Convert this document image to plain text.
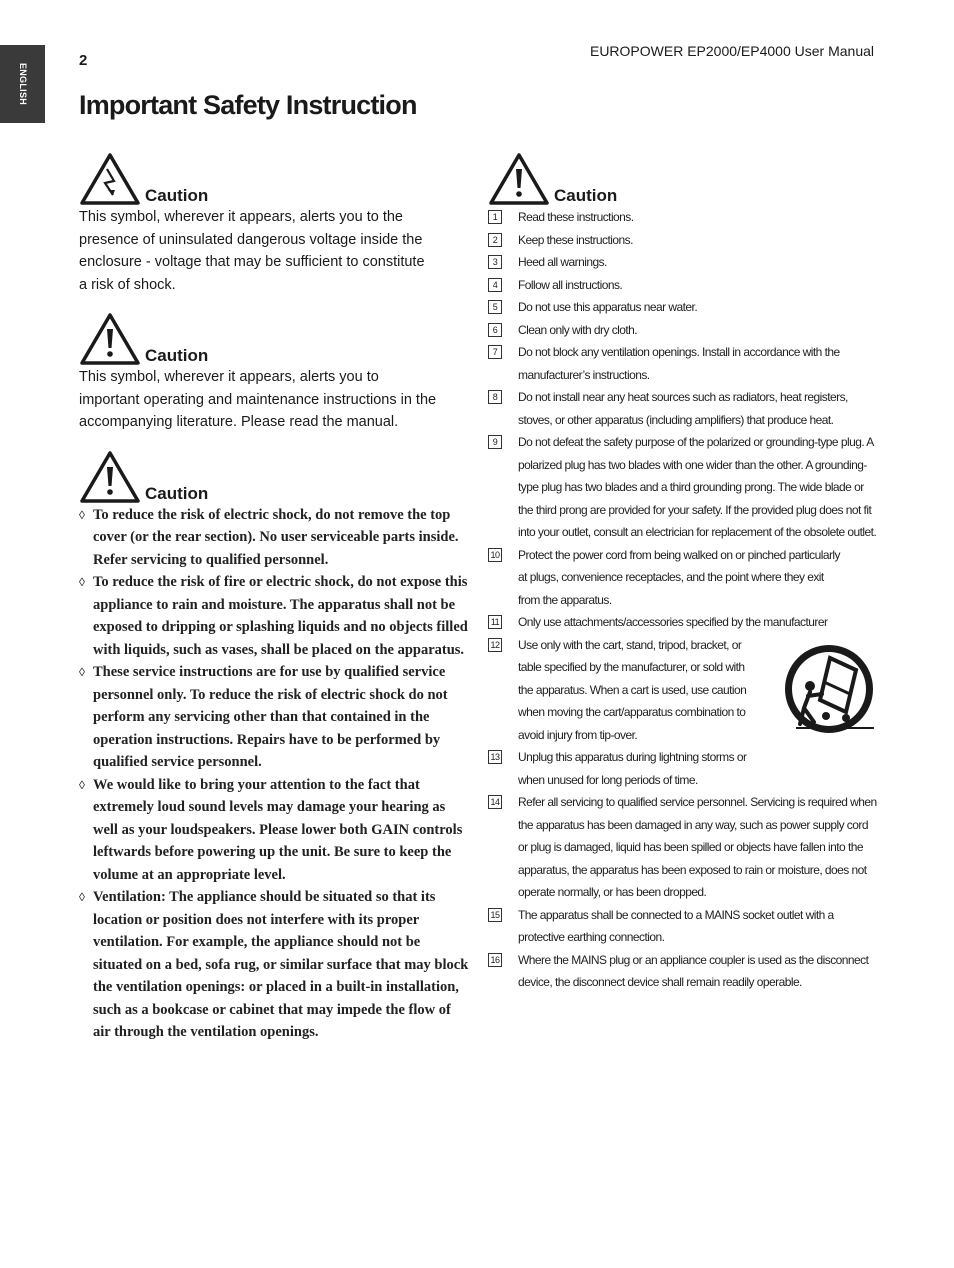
ENGLISH
2
EUROPOWER EP2000/EP4000 User Manual
Important Safety Instruction
Caution

This symbol, wherever it appears, alerts you to the
presence of uninsulated dangerous voltage inside the
enclosure - voltage that may be sufficient to constitute
a risk of shock.

Caution

This symbol, wherever it appears, alerts you to
important operating and maintenance instructions in the
accompanying literature. Please read the manual.

Caution
◊ To reduce the risk of electric shock, do not remove the top cover (or the rear section). No user serviceable parts inside. Refer servicing to qualified personnel.
◊ To reduce the risk of fire or electric shock, do not expose this appliance to rain and moisture. The apparatus shall not be exposed to dripping or splashing liquids and no objects filled with liquids, such as vases, shall be placed on the apparatus.
◊ These service instructions are for use by qualified service personnel only. To reduce the risk of electric shock do not perform any servicing other than that contained in the operation instructions. Repairs have to be performed by qualified service personnel.
◊ We would like to bring your attention to the fact that extremely loud sound levels may damage your hearing as well as your loudspeakers. Please lower both GAIN controls leftwards before powering up the unit. Be sure to keep the volume at an appropriate level.
◊ Ventilation: The appliance should be situated so that its location or position does not interfere with its proper ventilation. For example, the appliance should not be situated on a bed, sofa rug, or similar surface that may block the ventilation openings: or placed in a built-in installation, such as a bookcase or cabinet that may impede the flow of air through the ventilation openings.
Caution
1	Read these instructions.
2	Keep these instructions.
3	Heed all warnings.
4	Follow all instructions.
5	Do not use this apparatus near water.
6	Clean only with dry cloth.
7	Do not block any ventilation openings. Install in accordance with the manufacturer’s instructions.
8	Do not install near any heat sources such as radiators, heat registers, stoves, or other apparatus (including amplifiers) that produce heat.
9	Do not defeat the safety purpose of the polarized or grounding-type plug. A polarized plug has two blades with one wider than the other. A grounding-type plug has two blades and a third grounding prong. The wide blade or the third prong are provided for your safety. If the provided plug does not fit into your outlet, consult an electrician for replacement of the obsolete outlet.
10 Protect the power cord from being walked on or pinched particularly at plugs, convenience receptacles, and the point where they exit from the apparatus.
11 Only use attachments/accessories specified by the manufacturer
12 Use only with the cart, stand, tripod, bracket, or table specified by the manufacturer, or sold with the apparatus. When a cart is used, use caution when moving the cart/apparatus combination to avoid injury from tip-over.
13 Unplug this apparatus during lightning storms or when unused for long periods of time.
14 Refer all servicing to qualified service personnel. Servicing is required when the apparatus has been damaged in any way, such as power supply cord or plug is damaged, liquid has been spilled or objects have fallen into the apparatus, the apparatus has been exposed to rain or moisture, does not operate normally, or has been dropped.
15 The apparatus shall be connected to a MAINS socket outlet with a protective earthing connection.
16 Where the MAINS plug or an appliance coupler is used as the disconnect device, the disconnect device shall remain readily operable.
